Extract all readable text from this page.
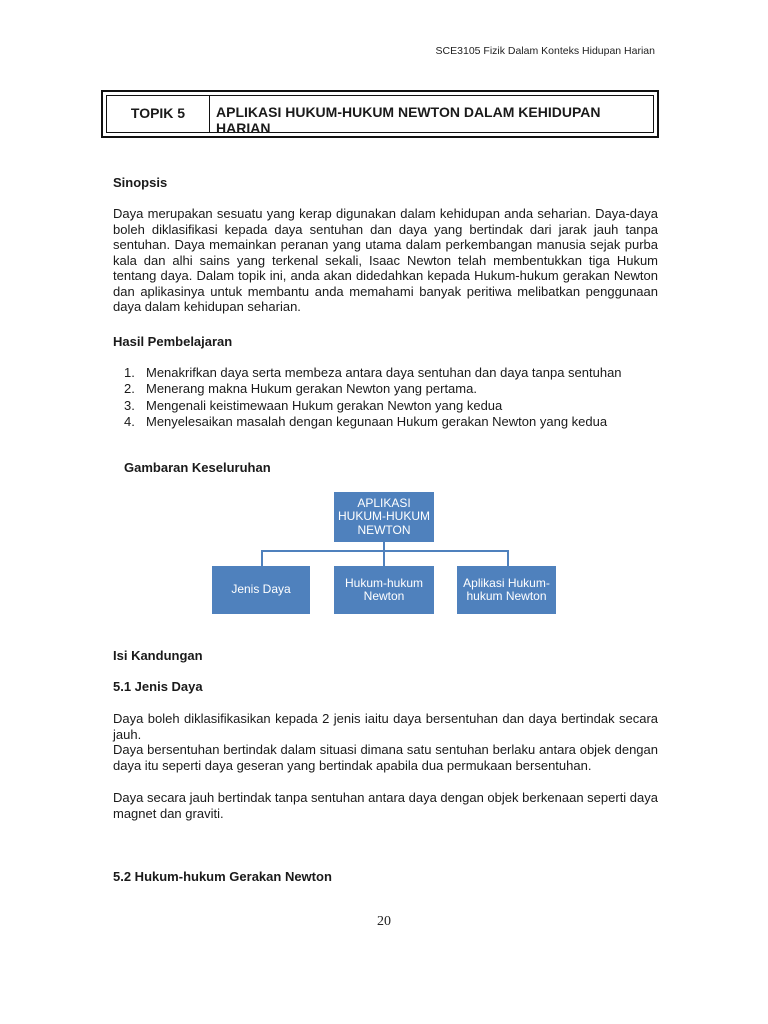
SCE3105 Fizik Dalam Konteks Hidupan Harian
TOPIK 5	APLIKASI HUKUM-HUKUM NEWTON DALAM KEHIDUPAN HARIAN
Sinopsis
Daya merupakan sesuatu yang kerap digunakan dalam kehidupan anda seharian. Daya-daya boleh diklasifikasi kepada daya sentuhan dan daya yang bertindak dari jarak jauh tanpa sentuhan. Daya memainkan peranan yang utama dalam perkembangan manusia sejak purba kala dan alhi sains yang terkenal sekali, Isaac Newton telah membentukkan tiga Hukum tentang daya. Dalam topik ini, anda akan didedahkan kepada Hukum-hukum gerakan Newton dan aplikasinya untuk membantu anda memahami banyak peritiwa melibatkan penggunaan daya dalam kehidupan seharian.
Hasil Pembelajaran
1. Menakrifkan daya serta membeza antara daya sentuhan dan daya tanpa sentuhan
2. Menerang makna Hukum gerakan Newton yang pertama.
3. Mengenali keistimewaan Hukum gerakan Newton yang kedua
4. Menyelesaikan masalah dengan kegunaan Hukum gerakan Newton yang kedua
Gambaran Keseluruhan
APLIKASI HUKUM-HUKUM NEWTON
Jenis Daya	Hukum-hukum Newton
Aplikasi Hukum-hukum Newton
Isi Kandungan
5.1 Jenis Daya
Daya boleh diklasifikasikan kepada 2 jenis iaitu daya bersentuhan dan daya bertindak secara jauh.
Daya bersentuhan bertindak dalam situasi dimana satu sentuhan berlaku antara objek dengan daya itu seperti daya geseran yang bertindak apabila dua permukaan bersentuhan.
Daya secara jauh bertindak tanpa sentuhan antara daya dengan objek berkenaan seperti daya magnet dan graviti.
5.2 Hukum-hukum Gerakan Newton
20
